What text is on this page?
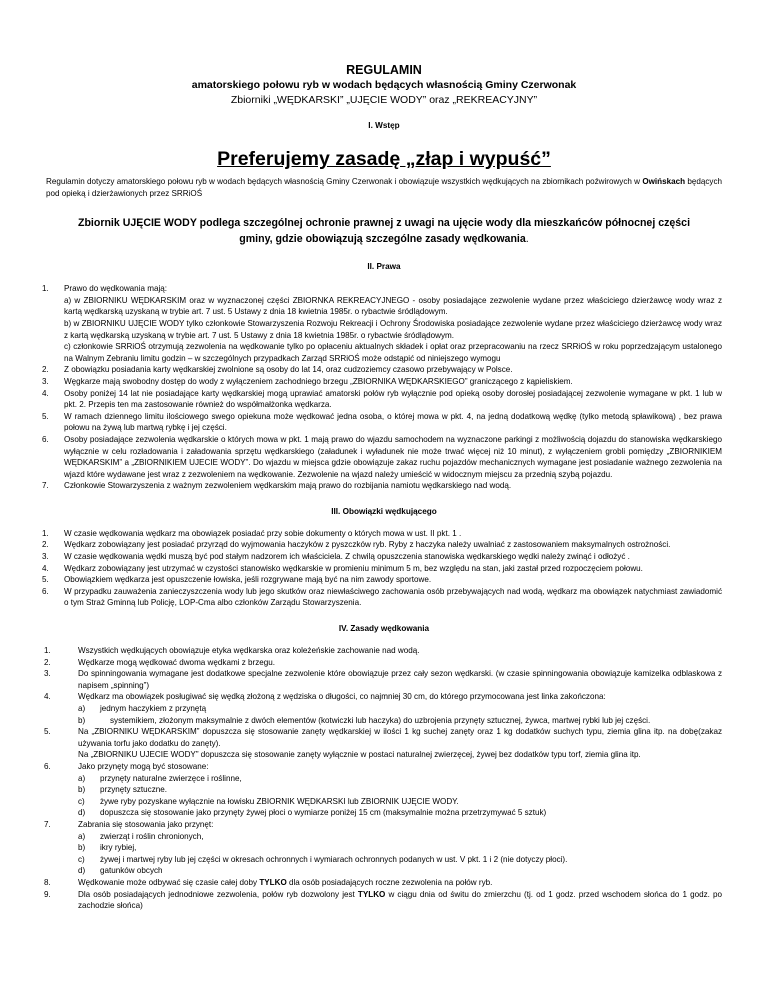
REGULAMIN

amatorskiego połowu ryb w wodach będących własnością Gminy Czerwonak

Zbiorniki „WĘDKARSKI” „UJĘCIE WODY” oraz „REKREACYJNY”

I. Wstęp

Preferujemy zasadę „złap i wypuść”

Regulamin dotyczy amatorskiego połowu ryb w wodach będących własnością Gminy Czerwonak i obowiązuje wszystkich wędkujących na zbiornikach poźwirowych w Owińskach będących pod opieką i dzierżawionych przez SRRiOŚ

Zbiornik UJĘCIE WODY podlega szczególnej ochronie prawnej z uwagi na ujęcie wody dla mieszkańców północnej części gminy, gdzie obowiązują szczególne zasady wędkowania.

II. Prawa

1. Prawo do wędkowania mają:
a) w ZBIORNIKU WĘDKARSKIM oraz w wyznaczonej części ZBIORNKA REKREACYJNEGO - osoby posiadające zezwolenie wydane przez właściciego dzierżawcę wody wraz z kartą wędkarską uzyskaną w trybie art. 7 ust. 5 Ustawy z dnia 18 kwietnia 1985r. o rybactwie śródlądowym.
b) w ZBIORNIKU UJĘCIE WODY tylko członkowie Stowarzyszenia Rozwoju Rekreacji i Ochrony Środowiska posiadające zezwolenie wydane przez właściciego dzierżawcę wody wraz z kartą wędkarską uzyskaną w trybie art. 7 ust. 5 Ustawy z dnia 18 kwietnia 1985r. o rybactwie śródlądowym.
c) członkowie SRRiOŚ otrzymują zezwolenia na wędkowanie tylko po opłaceniu aktualnych składek i opłat oraz przepracowaniu na rzecz SRRiOŚ w roku poprzedzającym ustalonego na Walnym Zebraniu limitu godzin – w szczególnych przypadkach Zarząd SRRiOŚ może odstąpić od niniejszego wymogu
2. Z obowiązku posiadania karty wędkarskiej zwolnione są osoby do lat 14, oraz cudzoziemcy czasowo przebywający w Polsce.
3. Węgkarze mają swobodny dostęp do wody z wyłączeniem zachodniego brzegu „ZBIORNIKA WĘDKARSKIEGO” graniczącego z kąpieliskiem.
4. Osoby poniżej 14 lat nie posiadające karty wędkarskiej mogą uprawiać amatorski połów ryb wyłącznie pod opieką osoby dorosłej posiadającej zezwolenie wymagane w pkt. 1 lub w pkt. 2. Przepis ten ma zastosowanie również do współmałżonka wędkarza.
5. W ramach dziennego limitu ilościowego swego opiekuna może wędkować jedna osoba, o której mowa w pkt. 4, na jedną dodatkową wędkę (tylko metodą spławikową) , bez prawa połowu na żywą lub martwą rybkę i jej części.
6. Osoby posiadające zezwolenia wędkarskie o których mowa w pkt. 1 mają prawo do wjazdu samochodem na wyznaczone parkingi z możliwością dojazdu do stanowiska wędkarskiego wyłącznie w celu rozładowania i załadowania sprzętu wędkarskiego (załadunek i wyładunek nie może trwać więcej niż 10 minut), z wyłączeniem grobli pomiędzy „ZBIORNIKIEM WĘDKARSKIM” a „ZBIORNIKIEM UJECIE WODY”. Do wjazdu w miejsca gdzie obowiązuje zakaz ruchu pojazdów mechanicznych wymagane jest posiadanie ważnego zezwolenia na wjazd które wydawane jest wraz z zezwoleniem na wędkowanie. Zezwolenie na wjazd należy umieścić w widocznym miejscu za przednią szybą pojazdu.
7. Członkowie Stowarzyszenia z ważnym zezwoleniem wędkarskim mają prawo do rozbijania namiotu wędkarskiego nad wodą.

III. Obowiązki wędkującego

1. W czasie wędkowania wędkarz ma obowiązek posiadać przy sobie dokumenty o których mowa w ust. II pkt. 1 .
2. Wędkarz zobowiązany jest posiadać przyrząd do wyjmowania haczyków z pyszczków ryb. Ryby z haczyka należy uwalniać z zastosowaniem maksymalnych ostrożności.
3. W czasie wędkowania wędki muszą być pod stałym nadzorem ich właściciela. Z chwilą opuszczenia stanowiska wędkarskiego wędki należy zwinąć i odłożyć .
4. Wędkarz zobowiązany jest utrzymać w czystości stanowisko wędkarskie w promieniu minimum 5 m, bez względu na stan, jaki zastał przed rozpoczęciem połowu.
5. Obowiązkiem wędkarza jest opuszczenie łowiska, jeśli rozgrywane mają być na nim zawody sportowe.
6. W przypadku zauważenia zanieczyszczenia wody lub jego skutków oraz niewłaściwego zachowania osób przebywających nad wodą, wędkarz ma obowiązek natychmiast zawiadomić o tym Straż Gminną lub Policję, LOP-Cma albo członków Zarządu Stowarzyszenia.

IV. Zasady wędkowania

1.	Wszystkich wędkujących obowiązuje etyka wędkarska oraz koleżeńskie zachowanie nad wodą.
2.	Wędkarze mogą wędkować dwoma wędkami z brzegu.
3.	Do spinningowania wymagane jest dodatkowe specjalne zezwolenie które obowiązuje przez cały sezon wędkarski. (w czasie spinningowania obowiązuje kamizelka odblaskowa z napisem „spinning”)
4.	Wędkarz ma obowiązek posługiwać się wędką złożoną z wędziska o długości, co najmniej 30 cm, do którego przymocowana jest linka zakończona:
a) jednym haczykiem z przynętą
b)	systemikiem, złożonym maksymalnie z dwóch elementów (kotwiczki lub haczyka) do uzbrojenia przynęty sztucznej, żywca, martwej rybki lub jej części.
5.	Na „ZBIORNIKU WĘDKARSKIM” dopuszcza się stosowanie zanęty wędkarskiej w ilości 1 kg suchej zanęty oraz 1 kg dodatków suchych typu, ziemia glina itp. na dobę(zakaz używania torfu jako dodatku do zanęty).
Na „ZBIORNIKU UJECIE WODY” dopuszcza się stosowanie zanęty wyłącznie w postaci naturalnej zwierzęcej, żywej bez dodatków typu torf, ziemia glina itp.
6.	Jako przynęty mogą być stosowane:
a) przynęty naturalne zwierzęce i roślinne,
b) przynęty sztuczne.
c) żywe ryby pozyskane wyłącznie na łowisku ZBIORNIK WĘDKARSKI lub ZBIORNIK UJĘCIE WODY.
d) dopuszcza się stosowanie jako przynęty żywej płoci o wymiarze poniżej 15 cm (maksymalnie można przetrzymywać 5 sztuk)
7.	Zabrania się stosowania jako przynęt:
a) zwierząt i roślin chronionych,
b) ikry rybiej,
c) żywej i martwej ryby lub jej części w okresach ochronnych i wymiarach ochronnych podanych w ust. V pkt. 1 i 2 (nie dotyczy płoci).
d) gatunków obcych
8.	Wędkowanie może odbywać się czasie całej doby TYLKO dla osób posiadających roczne zezwolenia na połów ryb.
9.	Dla osób posiadających jednodniowe zezwolenia, połów ryb dozwolony jest TYLKO w ciągu dnia od świtu do zmierzchu (tj. od 1 godz. przed wschodem słońca do 1 godz. po zachodzie słońca)
